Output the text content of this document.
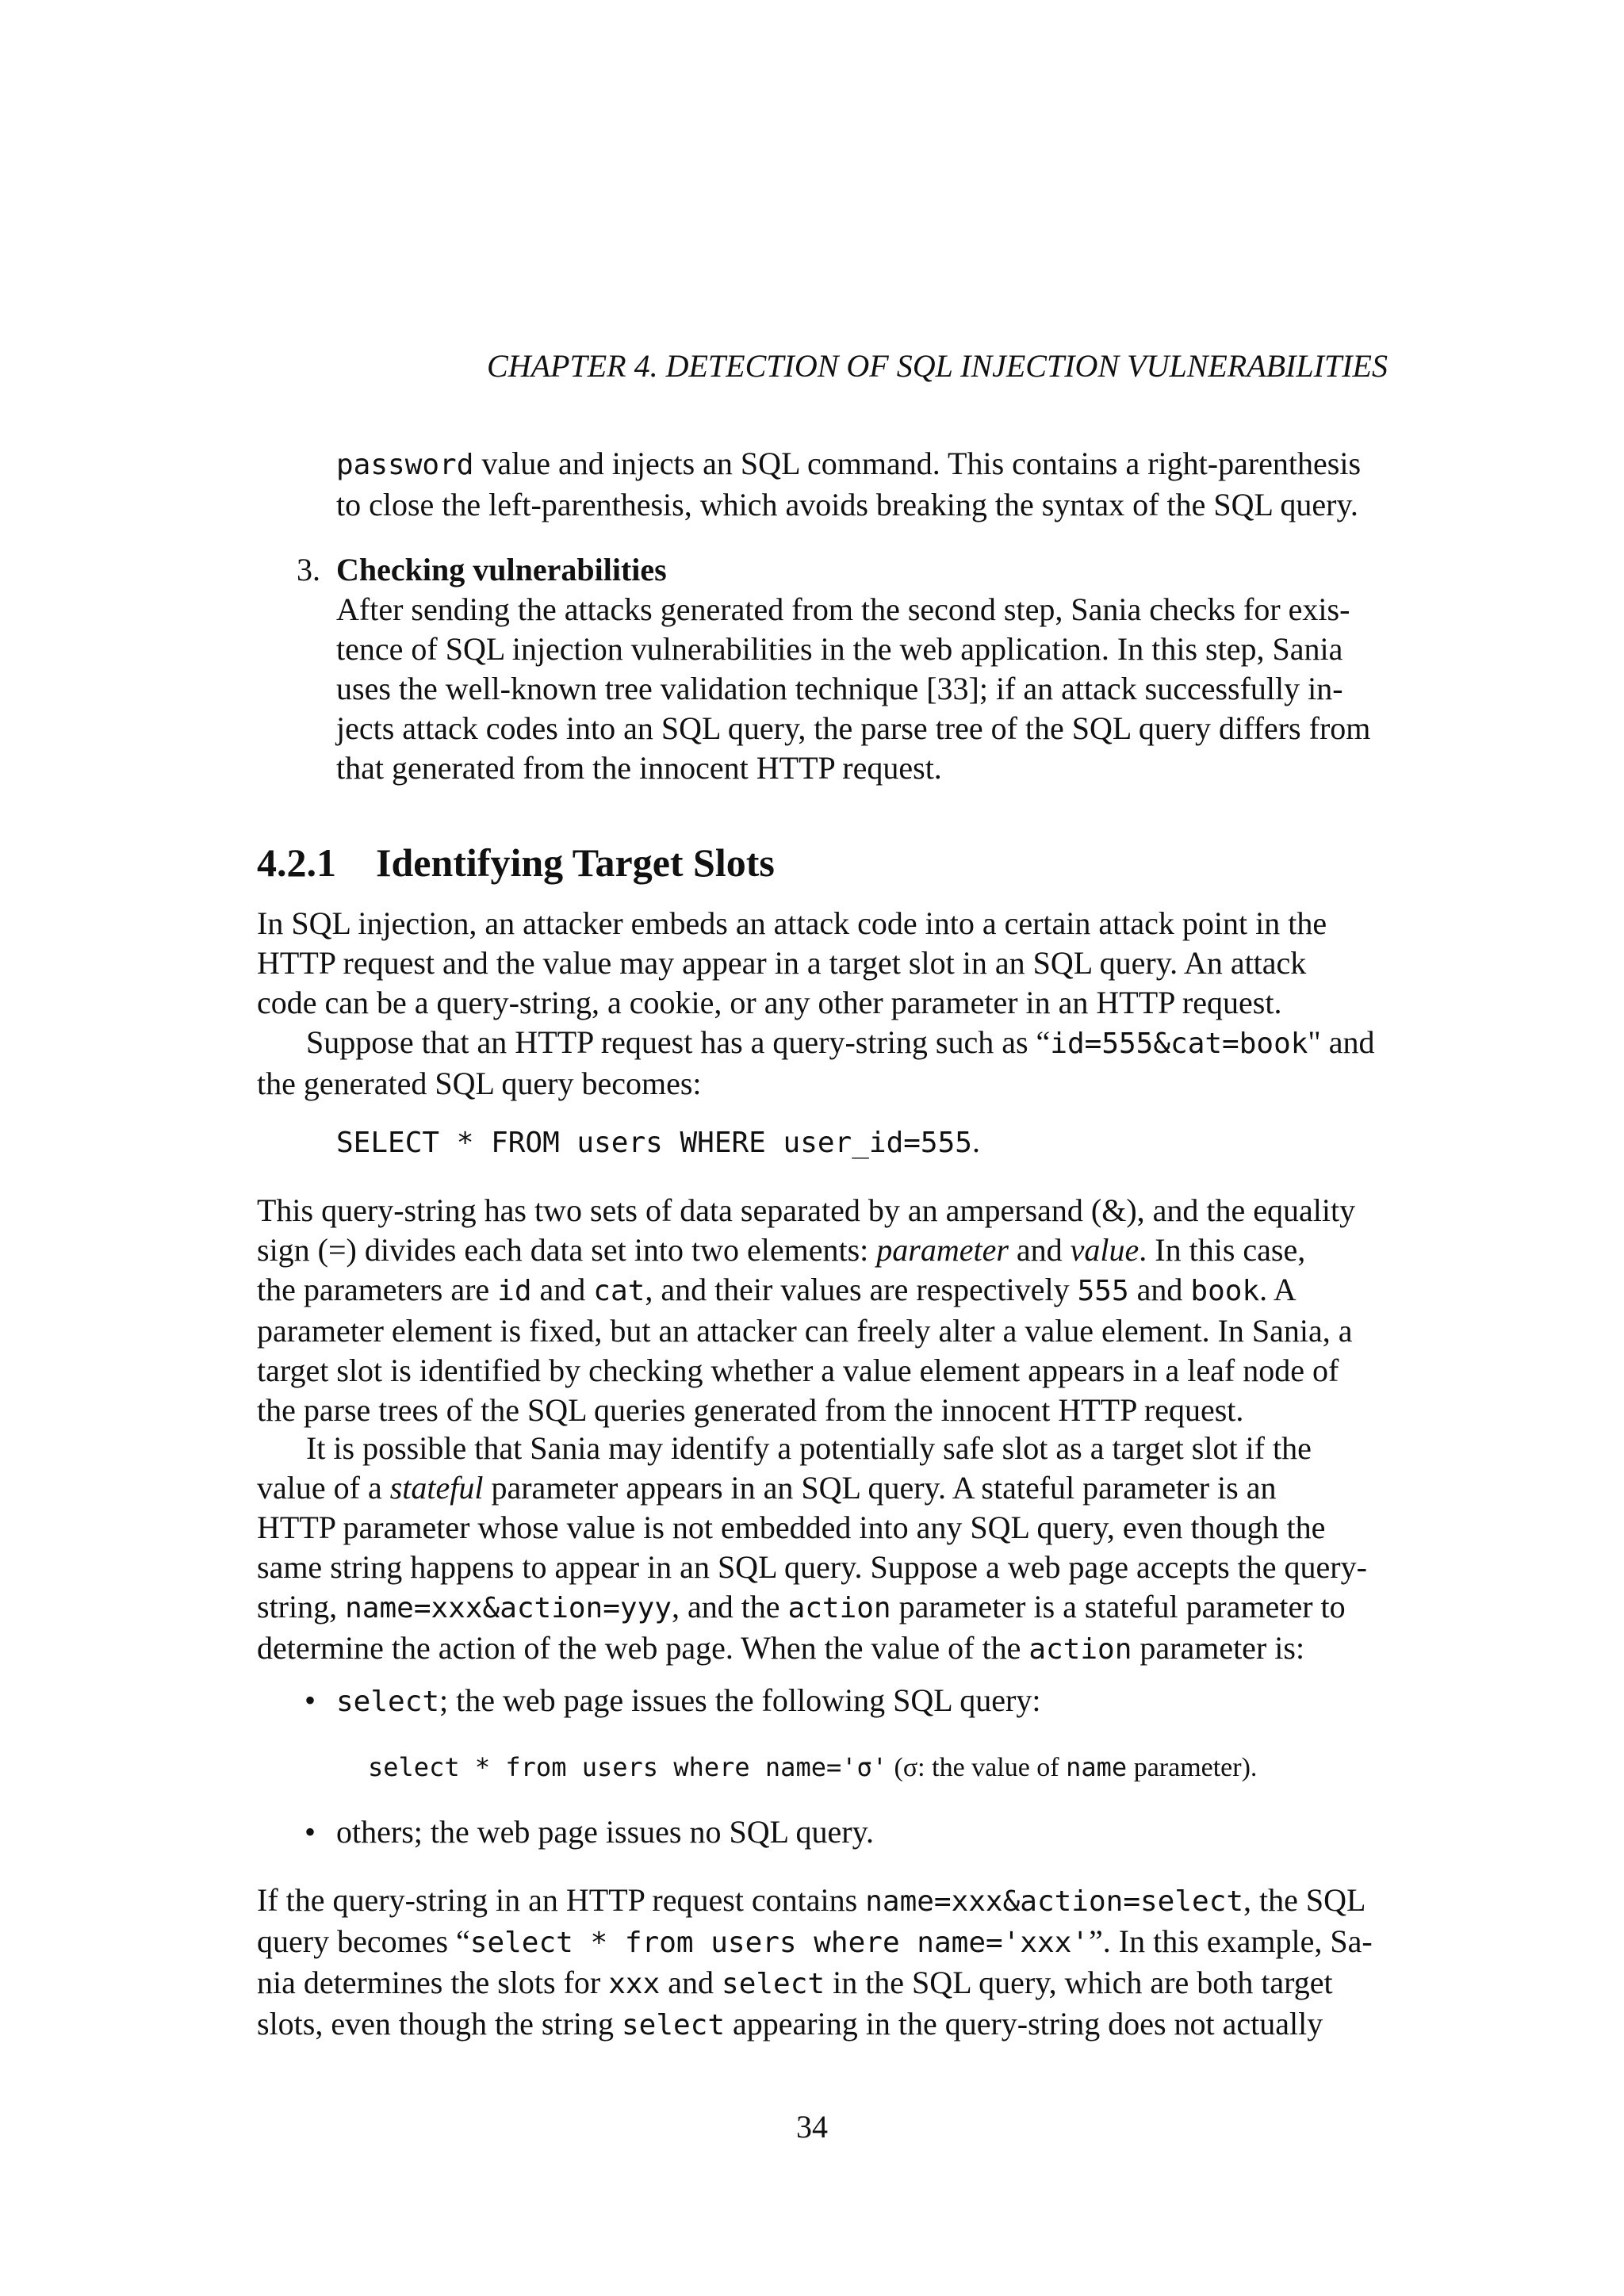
CHAPTER 4. DETECTION OF SQL INJECTION VULNERABILITIES
password value and injects an SQL command. This contains a right-parenthesis
to close the left-parenthesis, which avoids breaking the syntax of the SQL query.
3. Checking vulnerabilities
After sending the attacks generated from the second step, Sania checks for exis-
tence of SQL injection vulnerabilities in the web application. In this step, Sania
uses the well-known tree validation technique [33]; if an attack successfully in-
jects attack codes into an SQL query, the parse tree of the SQL query differs from
that generated from the innocent HTTP request.
4.2.1 Identifying Target Slots
In SQL injection, an attacker embeds an attack code into a certain attack point in the
HTTP request and the value may appear in a target slot in an SQL query. An attack
code can be a query-string, a cookie, or any other parameter in an HTTP request.
Suppose that an HTTP request has a query-string such as “id=555&cat=book" and
the generated SQL query becomes:
SELECT * FROM users WHERE user_id=555.
This query-string has two sets of data separated by an ampersand (&), and the equality
sign (=) divides each data set into two elements: parameter and value. In this case,
the parameters are id and cat, and their values are respectively 555 and book. A
parameter element is fixed, but an attacker can freely alter a value element. In Sania, a
target slot is identified by checking whether a value element appears in a leaf node of
the parse trees of the SQL queries generated from the innocent HTTP request.
It is possible that Sania may identify a potentially safe slot as a target slot if the
value of a stateful parameter appears in an SQL query. A stateful parameter is an
HTTP parameter whose value is not embedded into any SQL query, even though the
same string happens to appear in an SQL query. Suppose a web page accepts the query-
string, name=xxx&action=yyy, and the action parameter is a stateful parameter to
determine the action of the web page. When the value of the action parameter is:
• select; the web page issues the following SQL query:
select * from users where name='σ' (σ: the value of name parameter).
• others; the web page issues no SQL query.
If the query-string in an HTTP request contains name=xxx&action=select, the SQL
query becomes “select * from users where name='xxx'”. In this example, Sa-
nia determines the slots for xxx and select in the SQL query, which are both target
slots, even though the string select appearing in the query-string does not actually
34
